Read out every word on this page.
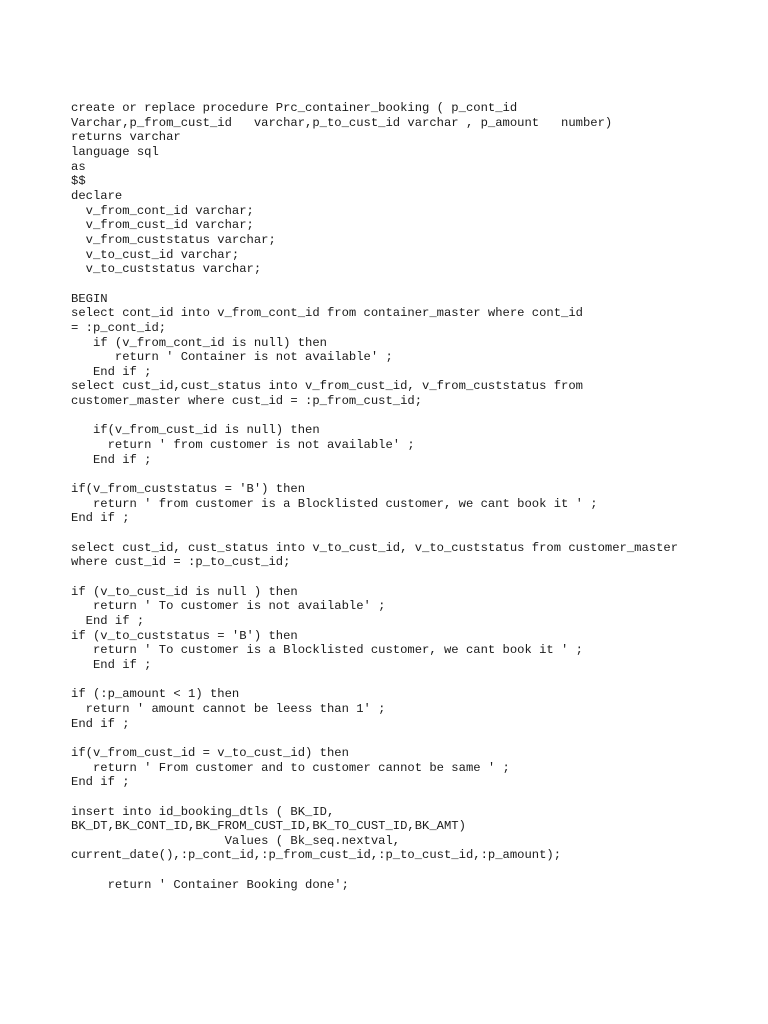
create or replace procedure Prc_container_booking ( p_cont_id
Varchar,p_from_cust_id   varchar,p_to_cust_id varchar , p_amount   number)
returns varchar
language sql
as
$$
declare
v_from_cont_id varchar;
v_from_cust_id varchar;
v_from_custstatus varchar;
v_to_cust_id varchar;
v_to_custstatus varchar;
BEGIN
select cont_id into v_from_cont_id from container_master where cont_id
= :p_cont_id;
if (v_from_cont_id is null) then
return ' Container is not available' ;
End if ;
select cust_id,cust_status into v_from_cust_id, v_from_custstatus from
customer_master where cust_id = :p_from_cust_id;
if(v_from_cust_id is null) then
return ' from customer is not available' ;
End if ;
if(v_from_custstatus = 'B') then
return ' from customer is a Blocklisted customer, we cant book it ' ;
End if ;
select cust_id, cust_status into v_to_cust_id, v_to_custstatus from customer_master
where cust_id = :p_to_cust_id;
if (v_to_cust_id is null ) then
return ' To customer is not available' ;
End if ;
if (v_to_custstatus = 'B') then
return ' To customer is a Blocklisted customer, we cant book it ' ;
End if ;
if (:p_amount < 1) then
return ' amount cannot be leess than 1' ;
End if ;
if(v_from_cust_id = v_to_cust_id) then
return ' From customer and to customer cannot be same ' ;
End if ;
insert into id_booking_dtls ( BK_ID,
BK_DT,BK_CONT_ID,BK_FROM_CUST_ID,BK_TO_CUST_ID,BK_AMT)
Values ( Bk_seq.nextval,
current_date(),:p_cont_id,:p_from_cust_id,:p_to_cust_id,:p_amount);
return ' Container Booking done';
